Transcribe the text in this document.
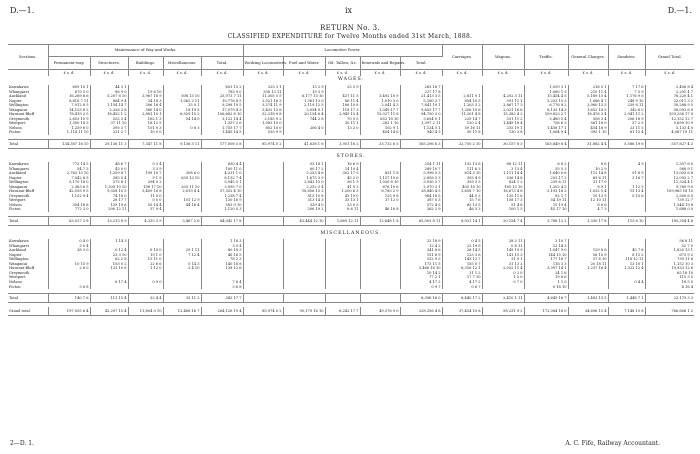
D.—1.	ix	D.—1.
RETURN No. 3.
CLASSIFIED EXPENDITURE for Twelve Months ended 31st March, 1888.
Sections.	Maintenance of Way and Works.					Locomotive Power.					Carriages.	Wagons.	Traffic.	General Charges.	Sundries.	Grand Total.
	Permanent-way.	Structures.	Buildings.	Miscellaneous.	Total.	Working Locomotives.	Fuel and Water.	Oil, Tallow, &c.	Renewals and Repairs.	Total.						
	£ s. d.	£ s. d.	£ s. d.	£ s. d.	£ s. d.	£ s. d.	£ s. d.	£ s. d.	£ s. d.	£ s. d.	£ s. d.	£ s. d.	£ s. d.	£ s. d.	£ s. d.	£ s. d.
WAGES.																
Kawakawa	609 10 1	44 3 1			653 13 2	225 3 1	13 2 9	25 5 9		263 16 7			1,059 3 1	216 5 1	7 17 6	2,406 8 4
Whangarei	679 3 0	86 9 0	19 6 10		785 9 0	208 13 11	19 3 9			227 17 8			1,060 1 9	210 11 4	7 5 9	2,291 4 7
Auckland	16,269 6 6	5,207 8 10	3,967 18 9	508 13 10	25,973 7 11	11,305 5 5	6,177 15 10	437 11 5	3,492 10 9	21,413 3 5	2,811 0 1	4,202 3 11	15,454 4 5	5,189 15 4	1,176 9 0	76,220 4 1
Napier	8,818 7 11	864 9 4	34 18 3	1,062 2 11	10,776 8 5	2,521 16 3	1,561 13 0	86 11 4	1,010 3 0	5,180 3 7	894 10 5	591 11 1	3,253 15 3	1,066 4 7	248 9 10	22,011 3 2
Wellington	7,912 8 5	1,154 14 7	206 16 4	25 0 1	9,298 19 5	3,574 11 9	2,119 12 5	106 10 8	2,041 4 3	7,841 19 1	1,203 3 2	2,867 17 3	6,776 8 2	2,060 13 5	239 8 11	30,288 9 5
Wanganui	14,153 8 2	2,326 2 8	580 14 0	18 19 5	17,079 4 3	5,432 13 8	3,054 9 1	118 17 3	1,049 17 7	9,655 17 7	1,206 10 6	2,021 16 6	6,133 14 5	1,652 18 5	342 6 0	38,092 6 0
Hurunui-Bluff	78,419 2 5	18,452 1 2	2,881 10 1	6,929 15 2	106,682 8 10	52,318 9 8	20,154 6 4	2,949 15 4	19,327 11 8	94,750 3 0	11,201 4 8	15,382 4 2	109,823 2 7	18,476 3 4	2,941 11 2	359,256 17 9
Greymouth	2,653 15 9	252 3 4	162 1 3	54 14 0	3,122 14 4	2,185 9 2	744 2 8	70 9 5	653 18 10	3,654 0 1	229 14 7	551 11 2	3,480 5 4	508 3 4	206 18 9	12,152 12 7
Westport	1,300 18 3	37 11 10	18 12 5		1,357 2 6	1,083 10 0		30 11 1	283 1 10	1,397 2 11	120 2 4	1,449 18 4	756 6 3	561 16 0	57 2 5	5,699 10 9
Nelson	1,259 8 0	395 3 7	101 0 3	0 8 3	1,755 17 7	802 10 0	206 4 0	13 2 0	102 9 1	1,124 5 1	59 16 11	255 19 1	1,458 17 1	454 16 9	23 11 5	5,133 4 0
Picton	1,114 11 10	321 2 7	10 0 0		1,445 14 5	535 9 9			404 14 6	940 4 3	50 11 8	130 3 8	1,064 9 4	395 1 10	61 15 4	4,087 19 11

Total	134,387 16 10	29,136 11 3	7,347 11 8	9,136 5 11	177,008 5 8	85,974 0 2	41,638 1 6	3,951 18 2	33,732 6 5	165,296 6 3	22,750 2 10	30,157 8 3	163,649 8 4	31,882 4 4	5,586 19 6	557,827 4 2

STORES.																
Kawakawa	772 14 5	48 6 7	9 3 4		830 4 4		53 18 1	16 6 9		254 1 11	152 13 6	88 12 11	6 8 2	8 6	4 9	1,357 6 0
Whangarei	54 7 3	43 0 0	3 3 9		100 11 0		60 17 2	14 10 4		289 10 7	111 6 3	3 13 4	55 5 3	10 2 9		568 9 1
Auckland	2,763 15 10	1,259 8 7	199 10 7	308 6 0	4,531 1 0		5,253 4 6	302 17 5	831 1 8	5,996 5 3	614 3 10	1,111 14 4	1,640 0 6	112 14 8	91 8 9	13,003 6 8
Napier	7,042 6 5	385 5 4	9 1 9	639 13 10	8,132 7 4		1,675 3 9	45 2 0	1,137 19 6	2,858 5 3	393 4 9	536 14 8	253 17 2	65 6 11	3 16 7	12,093 2 7
Wellington	5,170 18 0	575 8 1	294 0 2		5,945 5 1		2,643 15 0	56 1 9	1,030 8 10	3,930 5 7	359 3 3	824 1 2	239 6 11	31 17 0		11,324 4 1
Wanganui	2,383 6 5	1,209 10 10	198 17 10	203 11 10	3,995 7 0		2,252 3 4	41 9 3	676 10 6	2,970 3 1	405 18 10	185 13 10	1,202 4 5	8 9 1	1 12 5	9,769 9 0
Hurunui-Bluff	42,593 9 5	9,328 10 5	3,409 18 8	2,019 4 4	57,352 4 10		18,856 15 3	1,200 6 5	8,783 2 9	28,840 4 5	3,658 7 10	16,673 4 8	2,193 16 2	1,032 5 4	15 13 4	109,965 18 10
Greymouth	1,152 9 4	74 18 0	11 0 0		1,238 7 4		815 10 8	43 19 0	125 9 8	984 18 5	44 0 3	135 11 6	82 1 7	10 13 9	0 15 6	2,500 6 0
Westport		28 17 7	0 5 0	101 12 9	130 16 9		313 14 3	35 13 1	37 12 0	387 0 3	15 7 6	158 17 3	54 19 11	12 10 11		739 12 7
Nelson	354 18 8	129 19 6	55 14 4	44 16 4	583 9 10		339 4 0	33 0 5		572 4 5	65 13 5	91 4 8	15 19 4	8 6 6		1,344 19 8
Picton	772 3 0	290 12 11	57 9 4		1,120 5 3		206 19 2	8 6 11	46 16 8	262 2 9	46 3 3	100 1 5	45 17 10	4 7 3		1,688 0 0

Total	63,027 2 8	13,213 8 9	4,335 3 9	3,467 2 6	84,042 17 8		43,444 12 10	1,869 12 11	12,648 1 8	65,003 8 11	8,921 14 1	20,154 7 4	5,788 12 2	1,330 17 8	113 6 10	185,354 4 8

MISCELLANEOUS.																
Kawakawa	0 4 0	1 14 3			1 18 3					22 18 9	0 4 5	28 2 11	3 10 7			56 8 11
Whangarei	3 0 4				3 0 4					12 4 2	23 19 9	0 8 11	12 14 3			52 7 5
Auckland	38 3 0	0 12 4	6 10 0	29 1 11	80 18 3					341 8 6	26 14 5	149 19 9	1,047 9 0	129 8 8	45 7 6	1,820 13 1
Napier		23 3 10	19 1 0	7 12 4	46 16 5					151 6 9	123 3 6	141 15 3	144 15 10	56 10 9	8 15 2	673 9 2
Wellington		62 2 8	15 11 0		78 2 3					152 9 3	143 13 7	31 9 1	177 16 7	37 6 10	118 12 11	739 11 6
Wanganui	10 15 9	103 0 2	22 6 6	5 14 3	140 18 8					173 11 5	155 0 7	31 13 2	116 3 3	20 18 11	13 10 1	1,152 10 3
Hurunui-Bluff	2 6 0	131 10 8	1 12 0	3 4 10	138 13 6					5,466 18 10	6,316 12 1	2,052 11 4	3,397 14 1	1,237 16 4	1,322 12 4	19,933 12 6
Greymouth										10 14 2	31 1 2	0 2 0	24 1 6			65 18 10
Westport										77 2 1	17 7 10	1 5 0	19 8 6			115 3 5
Nelson		6 17 4	0 9 0		7 6 4					4 17 2	4 17 2	0 7 0	1 1 0		0 4 4	18 5 0
Picton	3 6 8				3 6 8					0 9 7	0 6 7		0 18 10			4 16 4

Total	140 7 6	111 15 4	32 4 4	35 11 2	343 17 7					6,396 16 0	6,440 17 2	2,410 1 11	4,649 16 7	1,483 13 5	1,448 7 1	23,179 3 3

Grand total	197,555 6 4	42,297 15 4	11,804 0 10	12,468 16 7	264,126 19 4	85,974 0 2	90,179 16 10	6,242 17 7	49,376 9 0	228,356 4 8	37,454 10 8	58,231 9 2	172,084 16 0	34,696 15 4	7,148 15 8	766,606 1 2
2—D. 1.	A. C. Fife, Railway Accountant.
